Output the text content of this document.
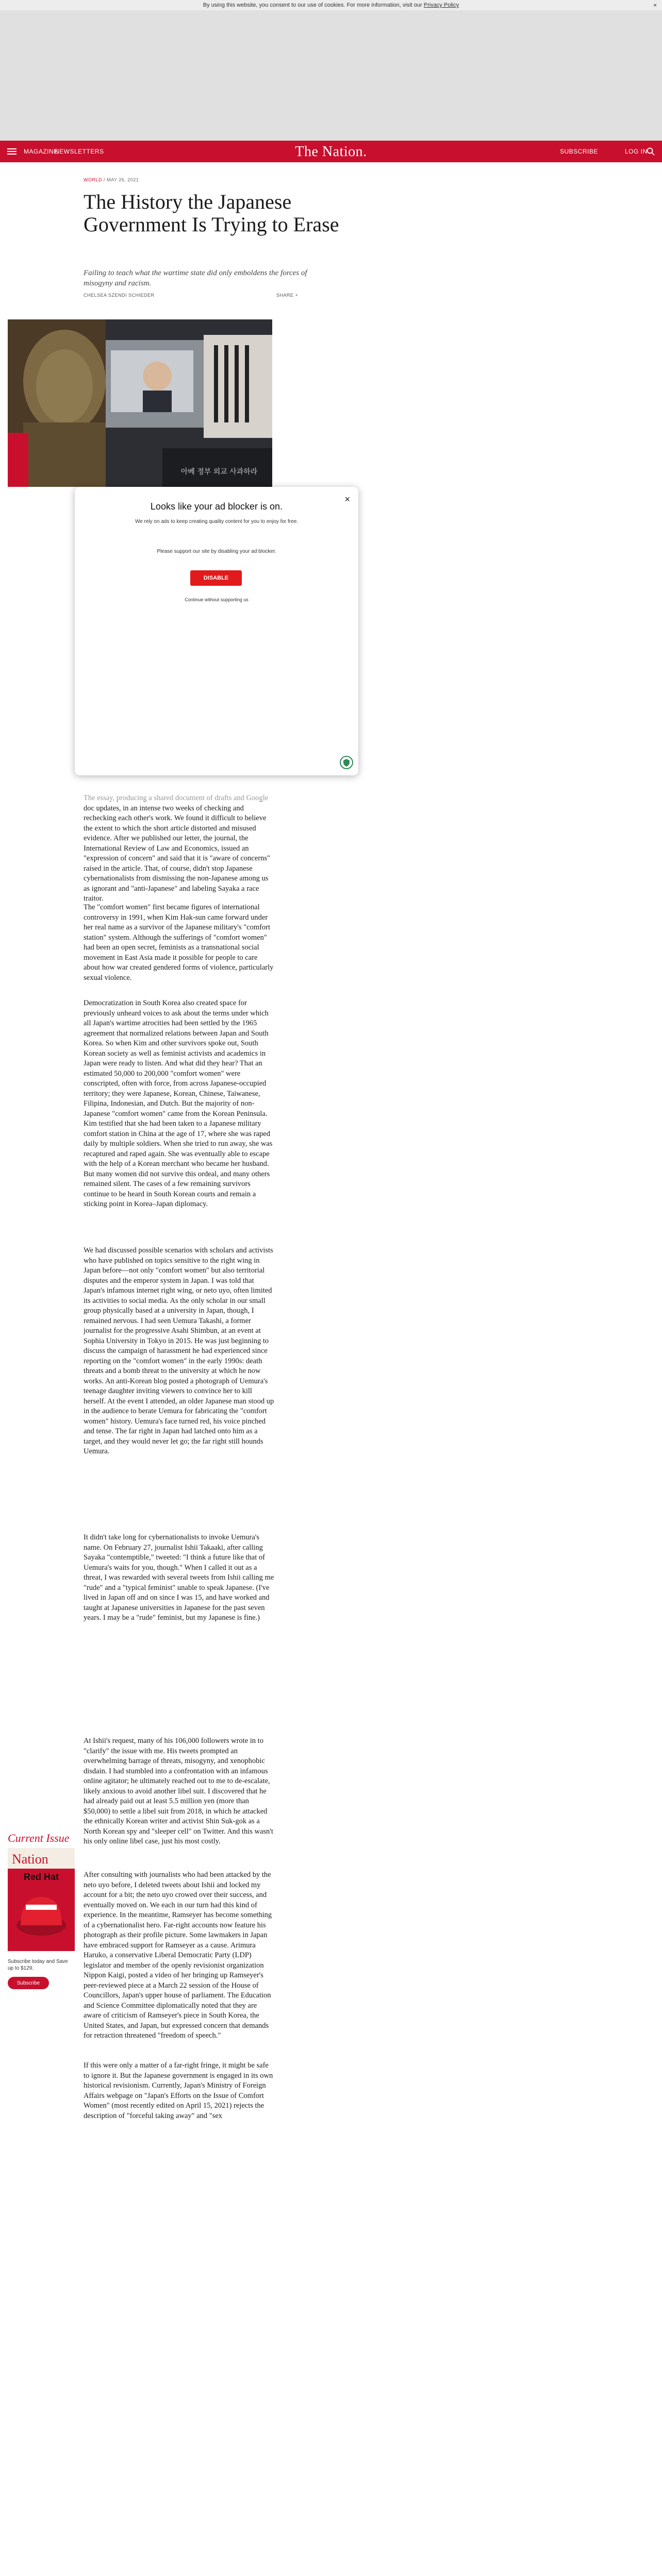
By using this website, you consent to our use of cookies. For more information, visit our Privacy Policy	×
MAGAZINE
NEWSLETTERS	The Nation.	SUBSCRIBE	LOG IN
WORLD / MAY 26, 2021
The History the Japanese Government Is Trying to Erase
Failing to teach what the wartime state did only emboldens the forces of misogyny and racism.
CHELSEA SZENDI SCHIEDER	SHARE +
아베 정부 외교 사과하라

doc updates, in an intense two weeks of checking and rechecking each other's work. We found it difficult to believe the extent to which the short article distorted and misused evidence. After we published our letter, the journal, the International Review of Law and Economics, issued an "expression of concern" and said that it is "aware of concerns" raised in the article. That, of course, didn't stop Japanese cybernationalists from dismissing the non-Japanese among us as ignorant and "anti-Japanese" and labeling Sayaka a race traitor.

The "comfort women" first became figures of international controversy in 1991, when Kim Hak-sun came forward under her real name as a survivor of the Japanese military's "comfort station" system. Although the sufferings of "comfort women" had been an open secret, feminists as a transnational social movement in East Asia made it possible for people to care about how war created gendered forms of violence, particularly sexual violence.

Democratization in South Korea also created space for previously unheard voices to ask about the terms under which all Japan's wartime atrocities had been settled by the 1965 agreement that normalized relations between Japan and South Korea. So when Kim and other survivors spoke out, South Korean society as well as feminist activists and academics in Japan were ready to listen. And what did they hear? That an estimated 50,000 to 200,000 "comfort women" were conscripted, often with force, from across Japanese-occupied territory; they were Japanese, Korean, Chinese, Taiwanese, Filipina, Indonesian, and Dutch. But the majority of non-Japanese "comfort women" came from the Korean Peninsula. Kim testified that she had been taken to a Japanese military comfort station in China at the age of 17, where she was raped daily by multiple soldiers. When she tried to run away, she was recaptured and raped again. She was eventually able to escape with the help of a Korean merchant who became her husband. But many women did not survive this ordeal, and many others remained silent. The cases of a few remaining survivors continue to be heard in South Korean courts and remain a sticking point in Korea–Japan diplomacy.

We had discussed possible scenarios with scholars and activists who have published on topics sensitive to the right wing in Japan before—not only "comfort women" but also territorial disputes and the emperor system in Japan. I was told that Japan's infamous internet right wing, or neto uyo, often limited its activities to social media. As the only scholar in our small group physically based at a university in Japan, though, I remained nervous. I had seen Uemura Takashi, a former journalist for the progressive Asahi Shimbun, at an event at Sophia University in Tokyo in 2015. He was just beginning to discuss the campaign of harassment he had experienced since reporting on the "comfort women" in the early 1990s: death threats and a bomb threat to the university at which he now works. An anti-Korean blog posted a photograph of Uemura's teenage daughter inviting viewers to convince her to kill herself. At the event I attended, an older Japanese man stood up in the audience to berate Uemura for fabricating the "comfort women" history. Uemura's face turned red, his voice pinched and tense. The far right in Japan had latched onto him as a target, and they would never let go; the far right still hounds Uemura.

It didn't take long for cybernationalists to invoke Uemura's name. On February 27, journalist Ishii Takaaki, after calling Sayaka "contemptible," tweeted: "I think a future like that of Uemura's waits for you, though." When I called it out as a threat, I was rewarded with several tweets from Ishii calling me "rude" and a "typical feminist" unable to speak Japanese. (I've lived in Japan off and on since I was 15, and have worked and taught at Japanese universities in Japanese for the past seven years. I may be a "rude" feminist, but my Japanese is fine.)

At Ishii's request, many of his 106,000 followers wrote in to "clarify" the issue with me. His tweets prompted an overwhelming barrage of threats, misogyny, and xenophobic disdain. I had stumbled into a confrontation with an infamous online agitator; he ultimately reached out to me to de-escalate, likely anxious to avoid another libel suit. I discovered that he had already paid out at least 5.5 million yen (more than $50,000) to settle a libel suit from 2018, in which he attacked the ethnically Korean writer and activist Shin Suk-gok as a North Korean spy and "sleeper cell" on Twitter. And this wasn't his only online libel case, just his most costly.

After consulting with journalists who had been attacked by the neto uyo before, I deleted tweets about Ishii and locked my account for a bit; the neto uyo crowed over their success, and eventually moved on. We each in our turn had this kind of experience. In the meantime, Ramseyer has become something of a cybernationalist hero. Far-right accounts now feature his photograph as their profile picture. Some lawmakers in Japan have embraced support for Ramseyer as a cause. Arimura Haruko, a conservative Liberal Democratic Party (LDP) legislator and member of the openly revisionist organization Nippon Kaigi, posted a video of her bringing up Ramseyer's peer-reviewed piece at a March 22 session of the House of Councillors, Japan's upper house of parliament. The Education and Science Committee diplomatically noted that they are aware of criticism of Ramseyer's piece in South Korea, the United States, and Japan, but expressed concern that demands for retraction threatened "freedom of speech."

If this were only a matter of a far-right fringe, it might be safe to ignore it. But the Japanese government is engaged in its own historical revisionism. Currently, Japan's Ministry of Foreign Affairs webpage on "Japan's Efforts on the Issue of Comfort Women" (most recently edited on April 15, 2021) rejects the description of "forceful taking away" and "sex

Current Issue
Nation
Red Hat
Subscribe today and Save up to $129.
Subscribe
×
Looks like your ad blocker is on.
We rely on ads to keep creating quality content for you to enjoy for free.
Please support our site by disabling your ad blocker.
DISABLE
Continue without supporting us
